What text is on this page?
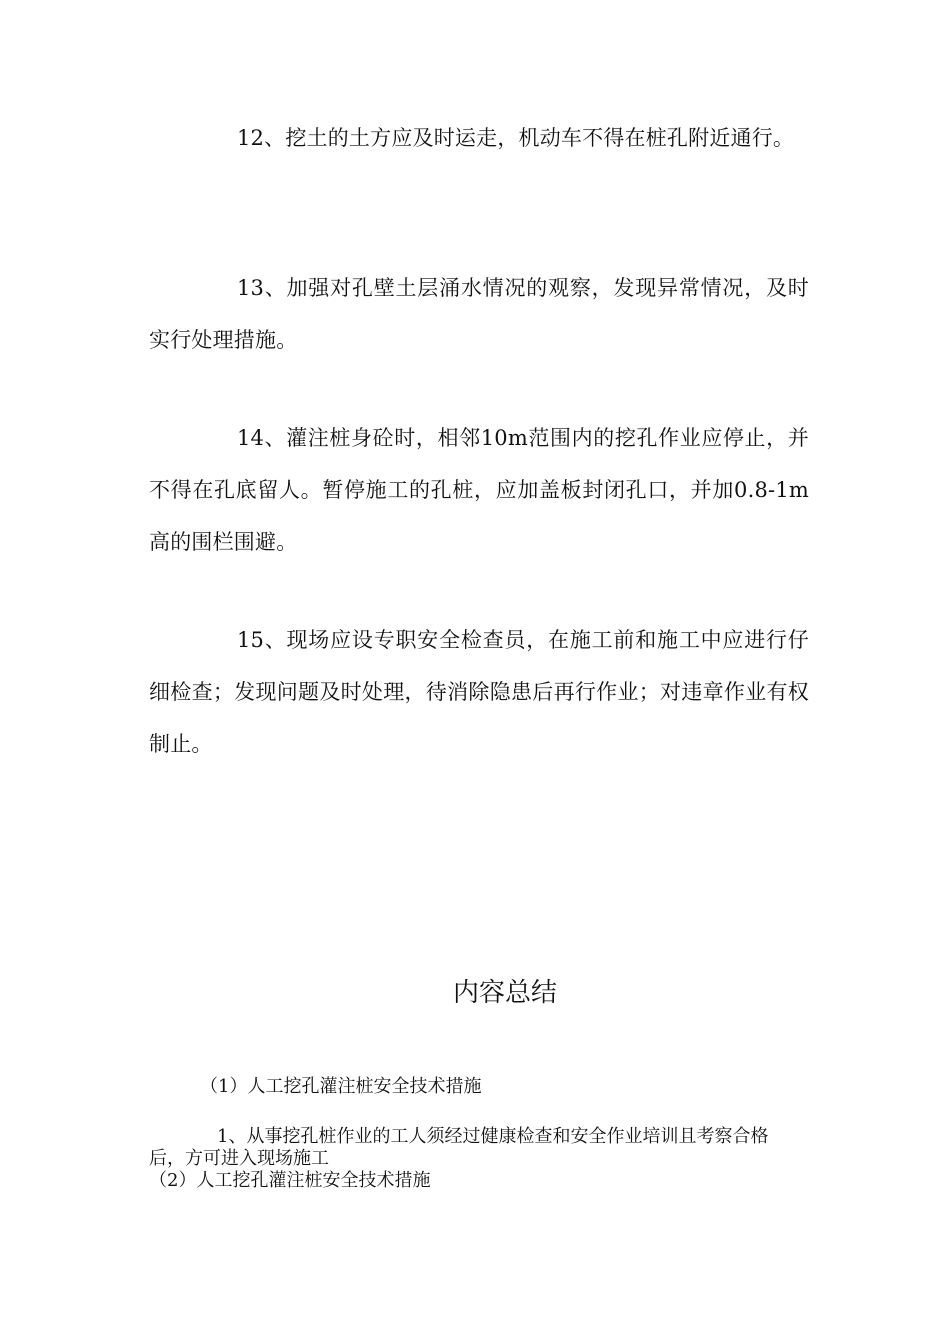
12、挖土的土方应及时运走，机动车不得在桩孔附近通行。

13、加强对孔壁土层涌水情况的观察，发现异常情况，及时实行处理措施。

14、灌注桩身砼时，相邻10m范围内的挖孔作业应停止，并不得在孔底留人。暂停施工的孔桩，应加盖板封闭孔口，并加0.8-1m高的围栏围避。

15、现场应设专职安全检查员，在施工前和施工中应进行仔细检查；发现问题及时处理，待消除隐患后再行作业；对违章作业有权制止。

内容总结

（1）人工挖孔灌注桩安全技术措施

1、从事挖孔桩作业的工人须经过健康检查和安全作业培训且考察合格后，方可进入现场施工

（2）人工挖孔灌注桩安全技术措施
